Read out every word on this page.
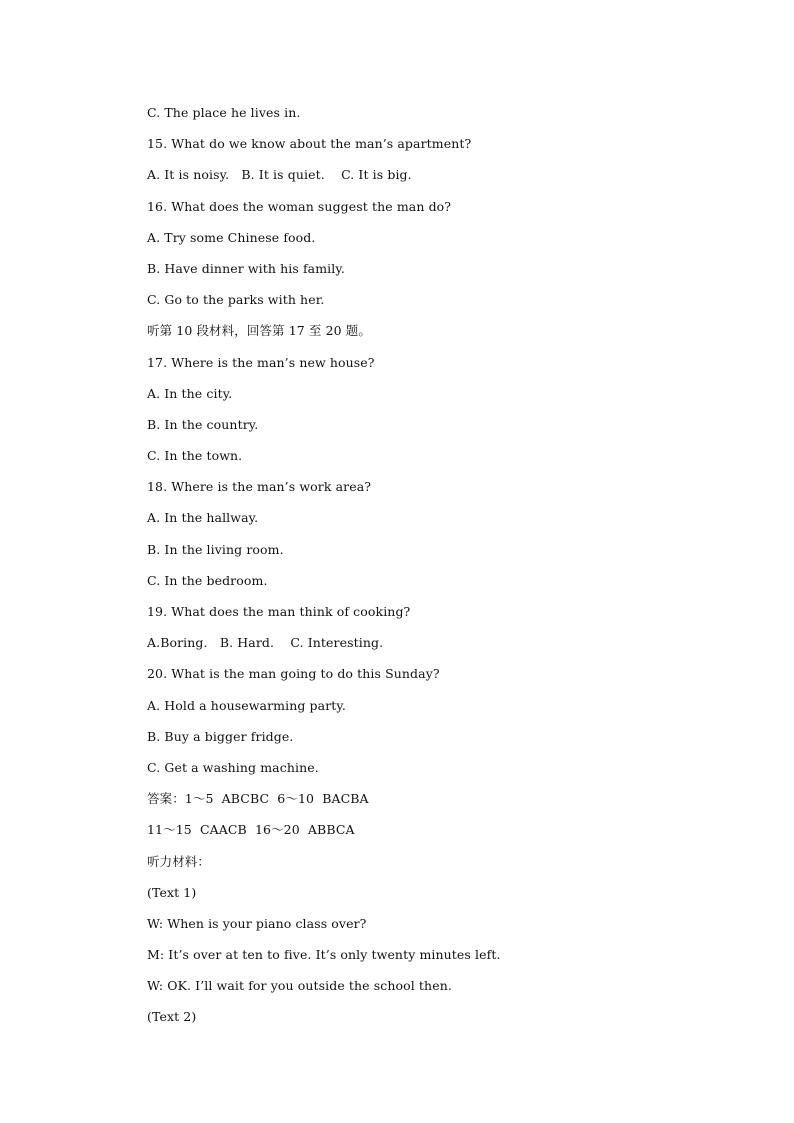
C. The place he lives in.
15. What do we know about the man’s apartment?
A. It is noisy.   B. It is quiet.    C. It is big.
16. What does the woman suggest the man do?
A. Try some Chinese food.
B. Have dinner with his family.
C. Go to the parks with her.
听第 10 段材料，回答第 17 至 20 题。
17. Where is the man’s new house?
A. In the city.
B. In the country.
C. In the town.
18. Where is the man’s work area?
A. In the hallway.
B. In the living room.
C. In the bedroom.
19. What does the man think of cooking?
A.Boring.   B. Hard.    C. Interesting.
20. What is the man going to do this Sunday?
A. Hold a housewarming party.
B. Buy a bigger fridge.
C. Get a washing machine.
答案：1～5  ABCBC  6～10  BACBA
11～15  CAACB  16～20  ABBCA
听力材料：
(Text 1)
W: When is your piano class over?
M: It’s over at ten to five. It’s only twenty minutes left.
W: OK. I’ll wait for you outside the school then.
(Text 2)
